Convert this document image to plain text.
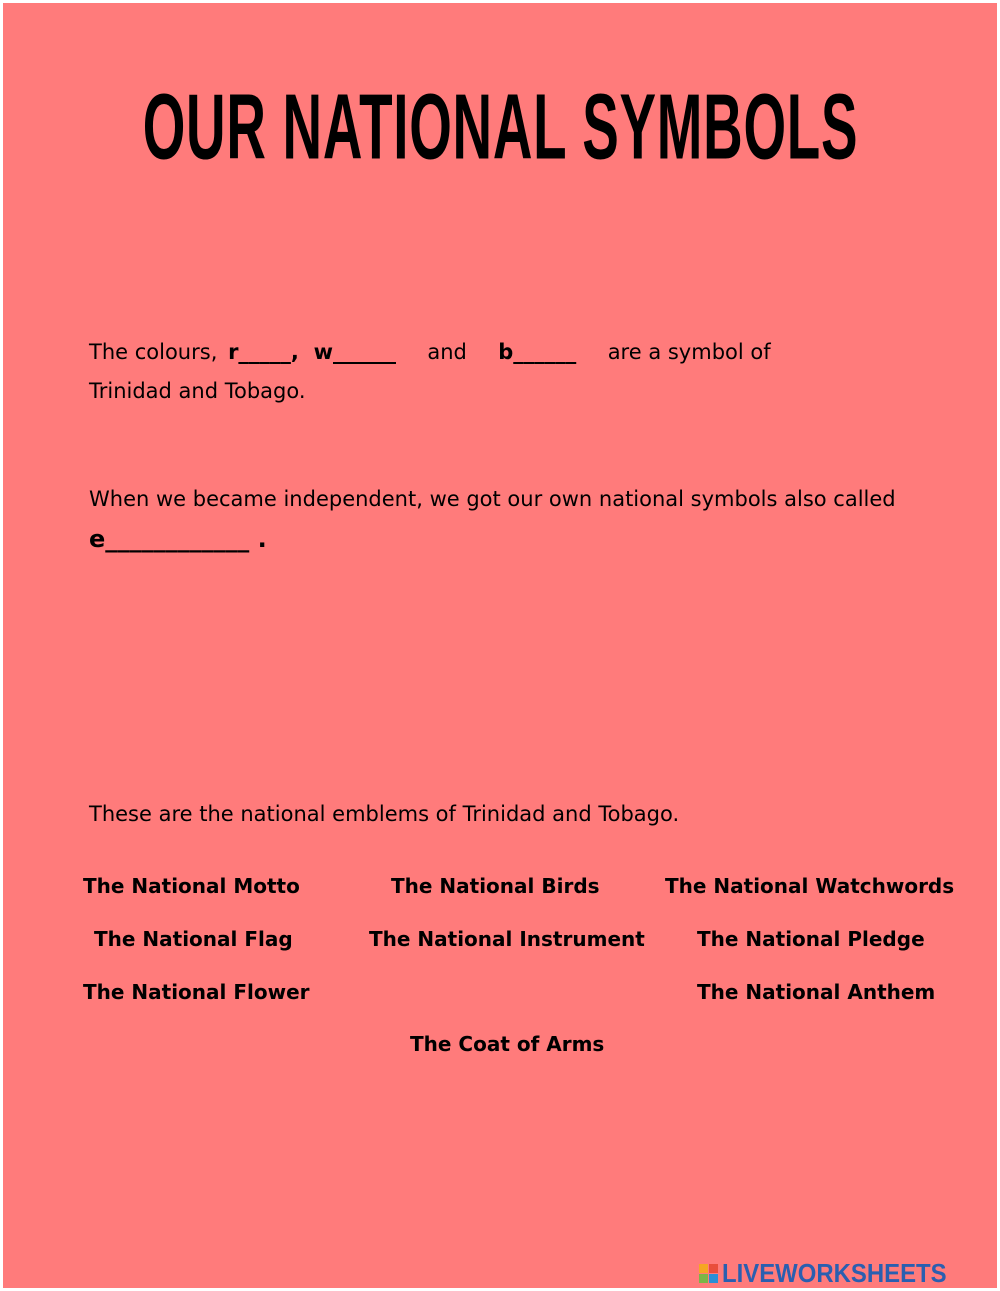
OUR NATIONAL SYMBOLS
The colours, r_____, w______ and b______ are a symbol of
Trinidad and Tobago.
When we became independent, we got our own national symbols also called
e____________ .
These are the national emblems of Trinidad and Tobago.
The National Motto	The National Birds	The National Watchwords
The National Flag	The National Instrument	The National Pledge
The National Flower	The National Anthem
The Coat of Arms
LIVEWORKSHEETS
